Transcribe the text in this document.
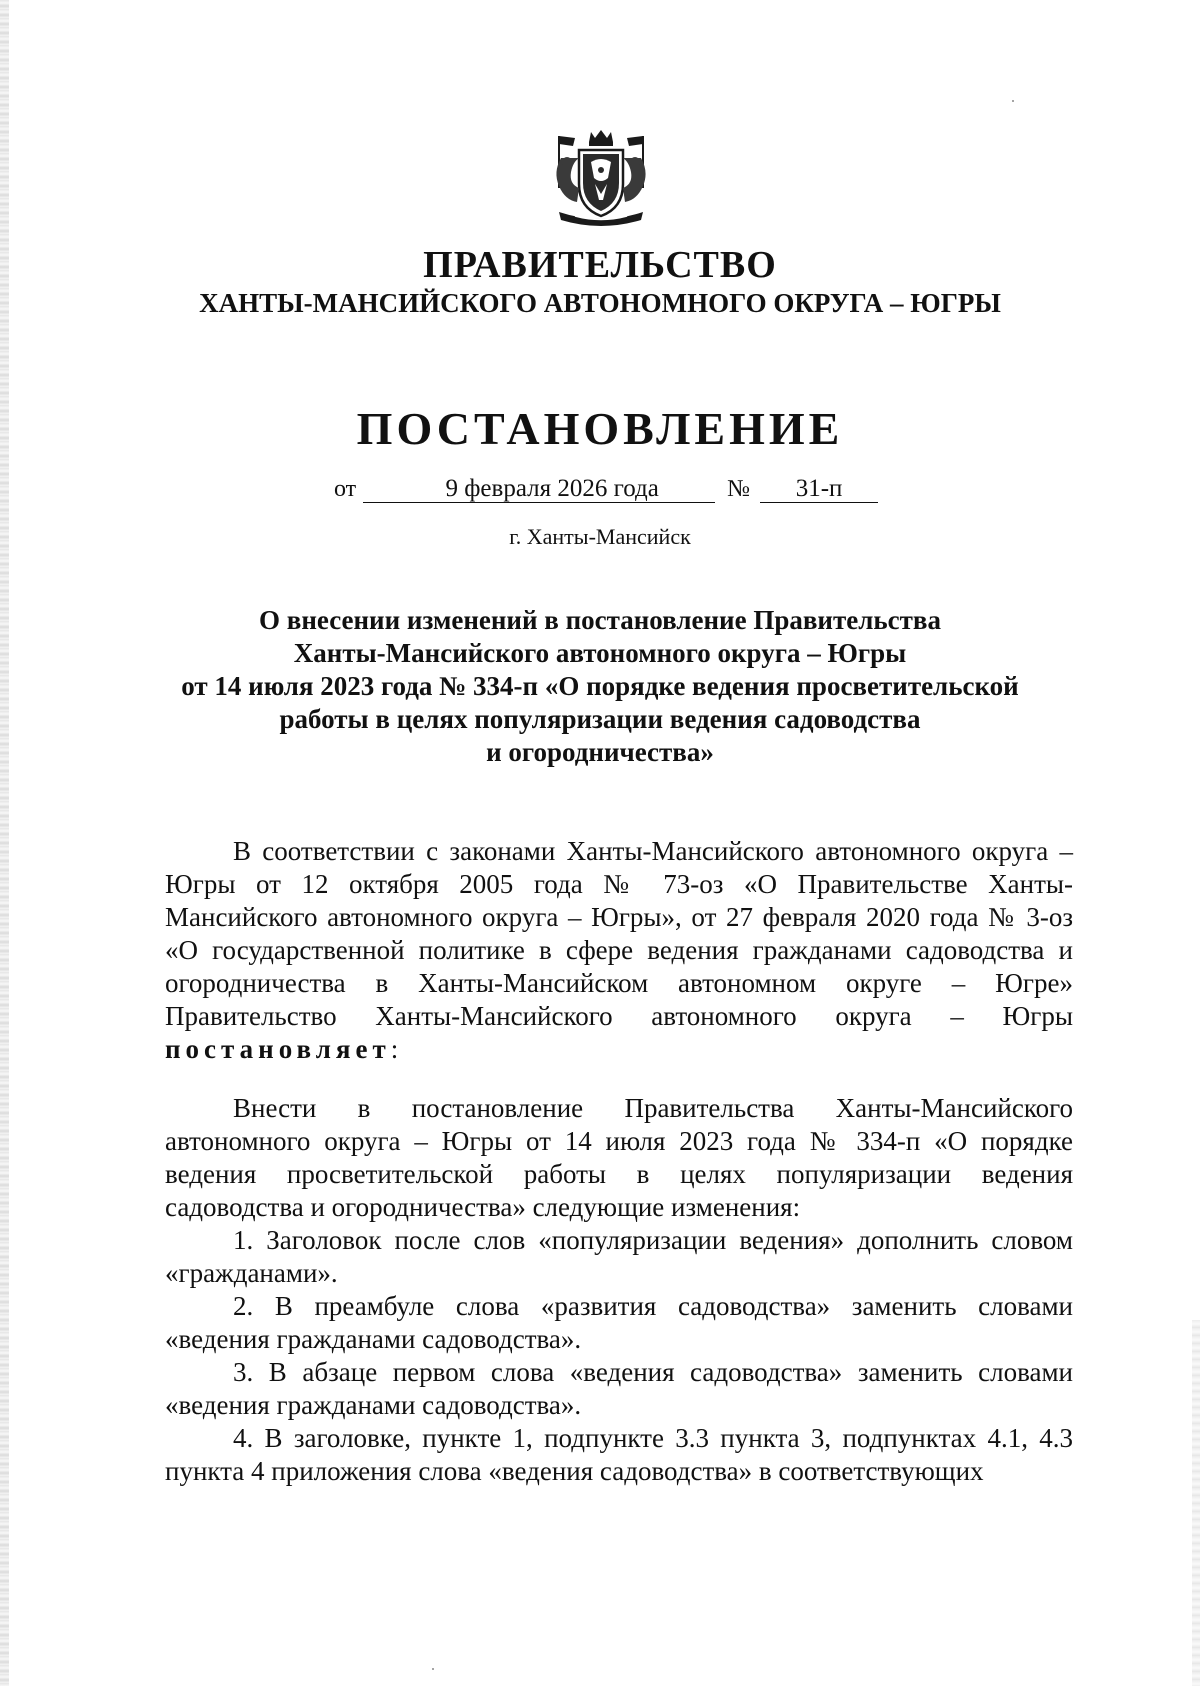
ПРАВИТЕЛЬСТВО
ХАНТЫ-МАНСИЙСКОГО АВТОНОМНОГО ОКРУГА – ЮГРЫ
ПОСТАНОВЛЕНИЕ
от	9 февраля 2026 года	№	31-п
г. Ханты-Мансийск
О внесении изменений в постановление Правительства
Ханты-Мансийского автономного округа – Югры
от 14 июля 2023 года № 334-п «О порядке ведения просветительской
работы в целях популяризации ведения садоводства
и огородничества»

В соответствии с законами Ханты-Мансийского автономного округа – Югры от 12 октября 2005 года № 73-оз «О Правительстве Ханты-Мансийского автономного округа – Югры», от 27 февраля 2020 года № 3-оз «О государственной политике в сфере ведения гражданами садоводства и огородничества в Ханты-Мансийском автономном округе – Югре» Правительство Ханты-Мансийского автономного округа – Югры постановляет:

Внести в постановление Правительства Ханты-Мансийского автономного округа – Югры от 14 июля 2023 года № 334-п «О порядке ведения просветительской работы в целях популяризации ведения садоводства и огородничества» следующие изменения:

1. Заголовок после слов «популяризации ведения» дополнить словом «гражданами».

2. В преамбуле слова «развития садоводства» заменить словами «ведения гражданами садоводства».

3. В абзаце первом слова «ведения садоводства» заменить словами «ведения гражданами садоводства».

4. В заголовке, пункте 1, подпункте 3.3 пункта 3, подпунктах 4.1, 4.3 пункта 4 приложения слова «ведения садоводства» в соответствующих
